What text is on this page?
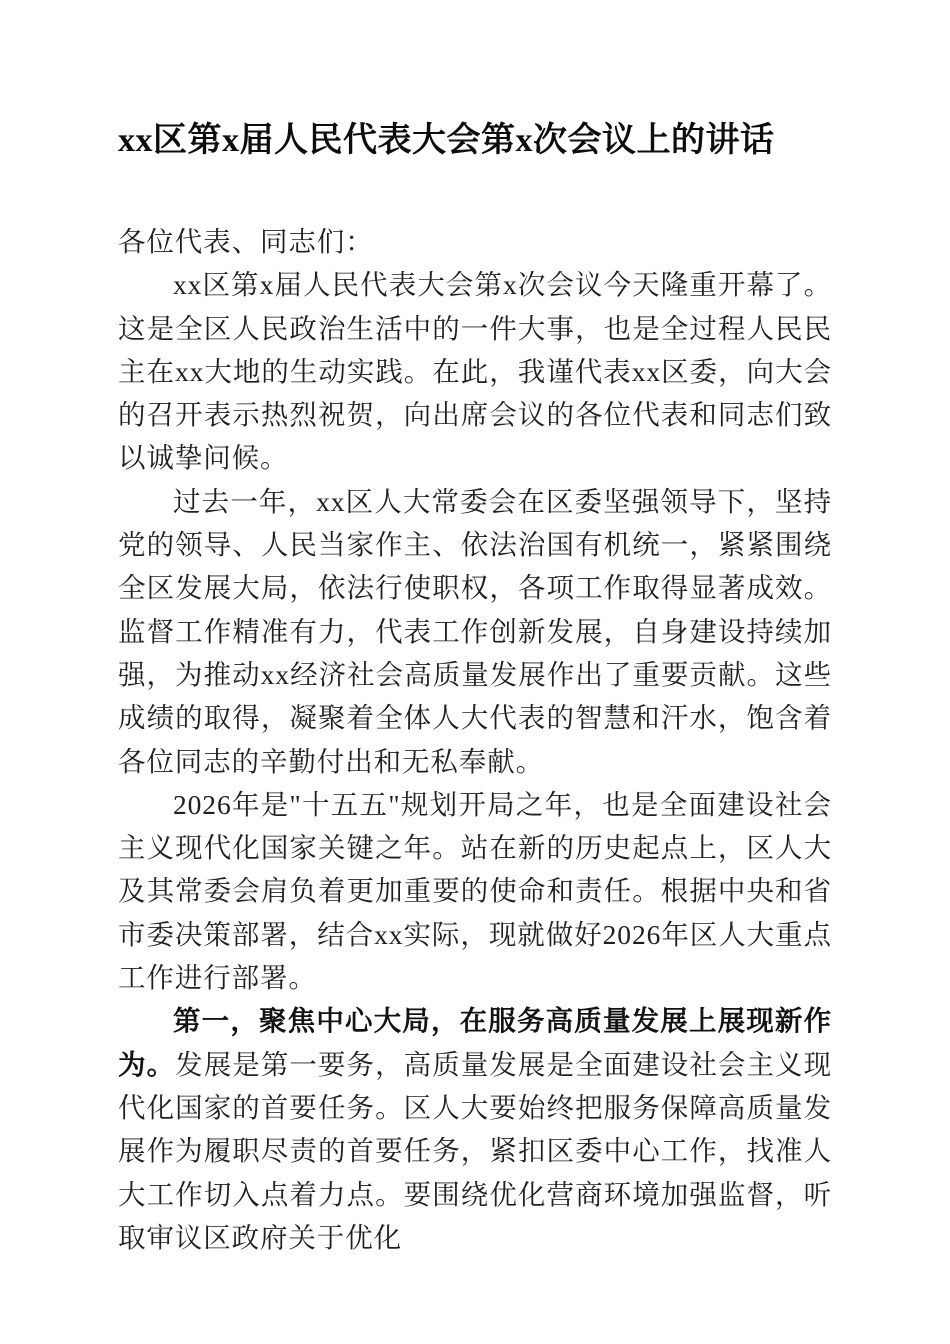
xx区第x届人民代表大会第x次会议上的讲话

各位代表、同志们：

xx区第x届人民代表大会第x次会议今天隆重开幕了。这是全区人民政治生活中的一件大事，也是全过程人民民主在xx大地的生动实践。在此，我谨代表xx区委，向大会的召开表示热烈祝贺，向出席会议的各位代表和同志们致以诚挚问候。

过去一年，xx区人大常委会在区委坚强领导下，坚持党的领导、人民当家作主、依法治国有机统一，紧紧围绕全区发展大局，依法行使职权，各项工作取得显著成效。监督工作精准有力，代表工作创新发展，自身建设持续加强，为推动xx经济社会高质量发展作出了重要贡献。这些成绩的取得，凝聚着全体人大代表的智慧和汗水，饱含着各位同志的辛勤付出和无私奉献。

2026年是"十五五"规划开局之年，也是全面建设社会主义现代化国家关键之年。站在新的历史起点上，区人大及其常委会肩负着更加重要的使命和责任。根据中央和省市委决策部署，结合xx实际，现就做好2026年区人大重点工作进行部署。

第一，聚焦中心大局，在服务高质量发展上展现新作为。发展是第一要务，高质量发展是全面建设社会主义现代化国家的首要任务。区人大要始终把服务保障高质量发展作为履职尽责的首要任务，紧扣区委中心工作，找准人大工作切入点着力点。要围绕优化营商环境加强监督，听取审议区政府关于优化
